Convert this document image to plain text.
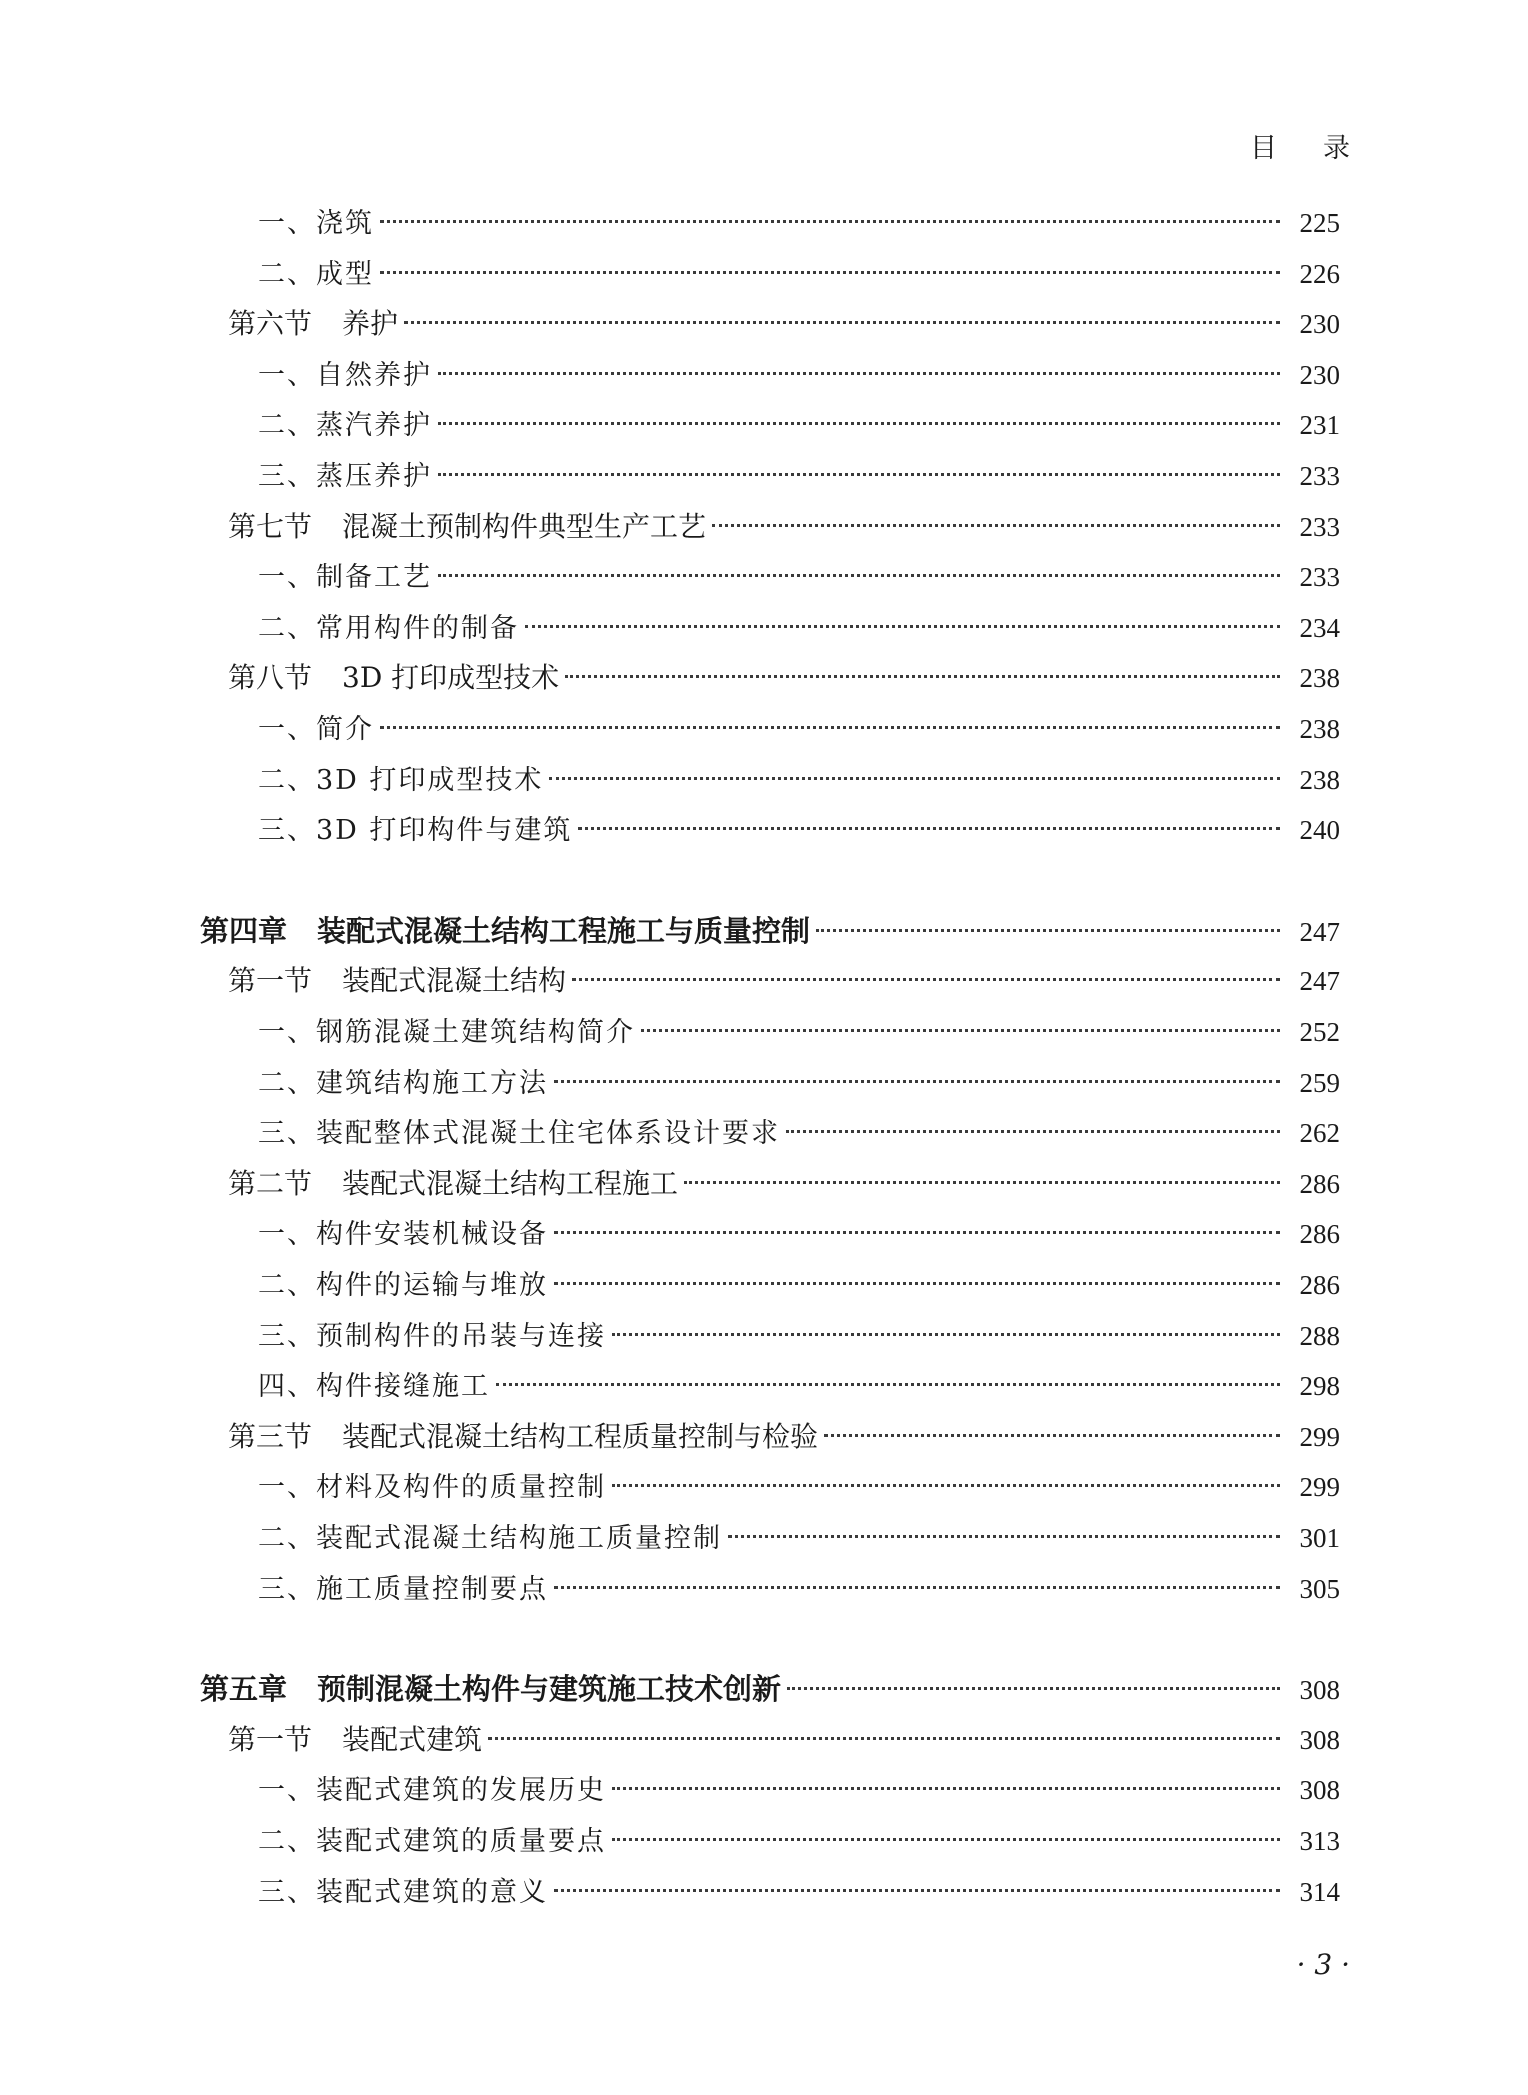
目 录
一、浇筑	225
二、成型	226
第六节 养护	230
一、自然养护	230
二、蒸汽养护	231
三、蒸压养护	233
第七节 混凝土预制构件典型生产工艺	233
一、制备工艺	233
二、常用构件的制备	234
第八节 3D 打印成型技术	238
一、简介	238
二、3D 打印成型技术	238
三、3D 打印构件与建筑	240
第四章 装配式混凝土结构工程施工与质量控制	247
第一节 装配式混凝土结构	247
一、钢筋混凝土建筑结构简介	252
二、建筑结构施工方法	259
三、装配整体式混凝土住宅体系设计要求	262
第二节 装配式混凝土结构工程施工	286
一、构件安装机械设备	286
二、构件的运输与堆放	286
三、预制构件的吊装与连接	288
四、构件接缝施工	298
第三节 装配式混凝土结构工程质量控制与检验	299
一、材料及构件的质量控制	299
二、装配式混凝土结构施工质量控制	301
三、施工质量控制要点	305
第五章 预制混凝土构件与建筑施工技术创新	308
第一节 装配式建筑	308
一、装配式建筑的发展历史	308
二、装配式建筑的质量要点	313
三、装配式建筑的意义	314
· 3 ·
